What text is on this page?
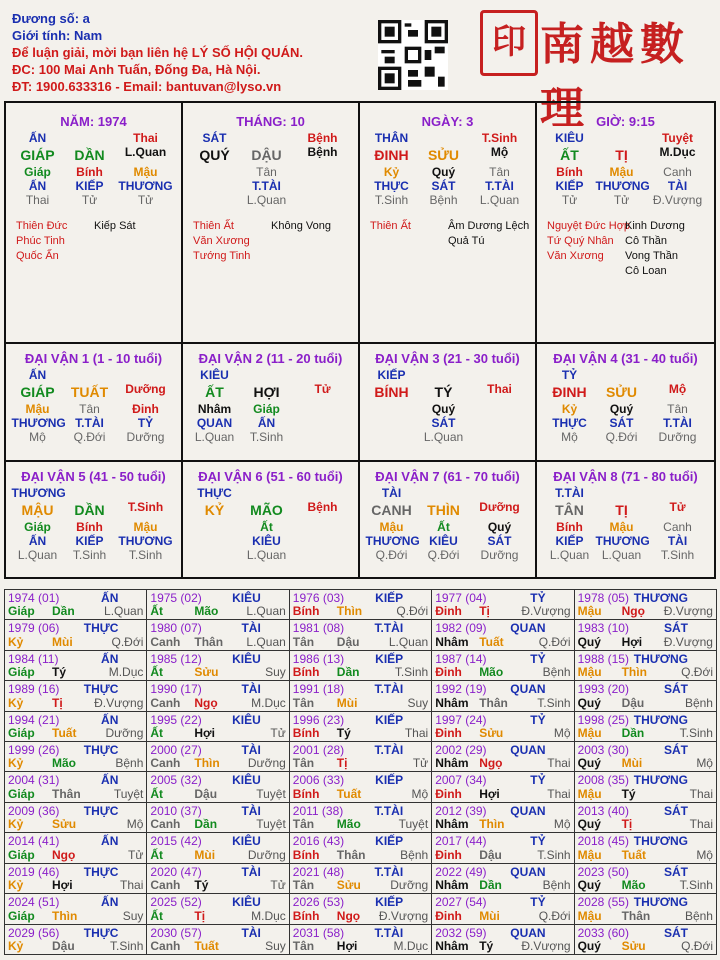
Đương số: a
Giới tính: Nam
Để luận giải, mời bạn liên hệ LÝ SỐ HỘI QUÁN.
ĐC: 100 Mai Anh Tuấn, Đống Đa, Hà Nội.
ĐT: 1900.633316 - Email: bantuvan@lyso.vn
印 南越數理
NĂM: 1974
ẤN	Thai
GIÁP	DẦN	L.Quan
Giáp	Bính	Mậu
ẤN	KIẾP	THƯƠNG
Thai	Tử	Tử
Thiên Đức
Phúc Tinh
Quốc Ấn
Kiếp Sát
THÁNG: 10
SÁT	Bệnh
QUÝ	DẬU	Bệnh
Tân
T.TÀI
L.Quan
Thiên Ất
Văn Xương
Tướng Tinh
Không Vong
NGÀY: 3
THÂN	T.Sinh
ĐINH	SỬU	Mộ
Kỷ	Quý	Tân
THỰC	SÁT	T.TÀI
T.Sinh	Bệnh	L.Quan
Thiên Ất	Âm Dương Lệch
Quả Tú
GIỜ: 9:15
KIÊU	Tuyệt
ẤT	TỊ	M.Dục
Bính	Mậu	Canh
KIẾP	THƯƠNG	TÀI
Tử	Tử	Đ.Vượng
Nguyệt Đức Hợp
Tứ Quý Nhân
Văn Xương
Kinh Dương
Cô Thần
Vong Thần
Cô Loan
ĐẠI VẬN 1 (1 - 10 tuổi)
ẤN
GIÁP	TUẤT	Dưỡng
Mậu	Tân	Đinh
THƯƠNG T.TÀI	TỶ
Mộ	Q.Đới	Dưỡng
ĐẠI VẬN 2 (11 - 20 tuổi)
KIÊU
ẤT	HỢI	Tử
Nhâm	Giáp
QUAN	ẤN
L.Quan	T.Sinh
ĐẠI VẬN 3 (21 - 30 tuổi)
KIẾP
BÍNH	TÝ	Thai
Quý
SÁT
L.Quan
ĐẠI VẬN 4 (31 - 40 tuổi)
TỶ
ĐINH	SỬU	Mộ
Kỷ	Quý	Tân
THỰC	SÁT	T.TÀI
Mộ	Q.Đới	Dưỡng
ĐẠI VẬN 5 (41 - 50 tuổi)
THƯƠNG
MẬU	DẦN	T.Sinh
Giáp	Bính	Mậu
ẤN	KIẾP	THƯƠNG
L.Quan	T.Sinh	T.Sinh
ĐẠI VẬN 6 (51 - 60 tuổi)
THỰC
KỶ	MÃO	Bệnh
Ất
KIÊU
L.Quan
ĐẠI VẬN 7 (61 - 70 tuổi)
TÀI
CANH	THÌN	Dưỡng
Mậu	Ất	Quý
THƯƠNG KIÊU	SÁT
Q.Đới	Q.Đới	Dưỡng
ĐẠI VẬN 8 (71 - 80 tuổi)
T.TÀI
TÂN	TỊ	Tử
Bính	Mậu	Canh
KIẾP	THƯƠNG	TÀI
L.Quan	L.Quan	T.Sinh
1974 (01)	ẤN
Giáp Dần L.Quan
1975 (02)	KIÊU
Ất	Mão L.Quan
1976 (03)	KIẾP
Bính Thìn	Q.Đới
1977 (04)	TỶ
Đinh Tị	Đ.Vượng
1978 (05) THƯƠNG
Mậu Ngọ Đ.Vượng
1979 (06) THỰC
Kỷ Mùi	Q.Đới
1980 (07)	TÀI
Canh Thân L.Quan
1981 (08)	T.TÀI
Tân Dậu L.Quan
1982 (09) QUAN
Nhâm Tuất	Q.Đới
1983 (10)	SÁT
Quý Hợi Đ.Vượng
1984 (11)	ẤN
Giáp Tý	M.Dục
1985 (12)	KIÊU
Ất	Sửu	Suy
1986 (13)	KIẾP
Bính Dần	T.Sinh
1987 (14)	TỶ
Đinh Mão	Bệnh
1988 (15) THƯƠNG
Mậu Thìn	Q.Đới
1989 (16) THỰC
Kỷ Tị	Đ.Vượng
1990 (17)	TÀI
Canh Ngọ	M.Dục
1991 (18)	T.TÀI
Tân Mùi	Suy
1992 (19) QUAN
Nhâm Thân T.Sinh
1993 (20)	SÁT
Quý Dậu	Bệnh
1994 (21)	ẤN
Giáp Tuất Dưỡng
1995 (22)	KIÊU
Ất	Hợi	Tử
1996 (23)	KIẾP
Bính Tý	Thai
1997 (24)	TỶ
Đinh Sửu	Mộ
1998 (25) THƯƠNG
Mậu Dần	T.Sinh
1999 (26) THỰC
Kỷ Mão	Bệnh
2000 (27)	TÀI
Canh Thìn Dưỡng
2001 (28)	T.TÀI
Tân Tị	Tử
2002 (29) QUAN
Nhâm Ngọ	Thai
2003 (30)	SÁT
Quý Mùi	Mộ
2004 (31)	ẤN
Giáp Thân	Tuyệt
2005 (32)	KIÊU
Ất	Dậu	Tuyệt
2006 (33)	KIẾP
Bính Tuất	Mộ
2007 (34)	TỶ
Đinh Hợi	Thai
2008 (35) THƯƠNG
Mậu Tý	Thai
2009 (36) THỰC
Kỷ Sửu	Mộ
2010 (37)	TÀI
Canh Dần	Tuyệt
2011 (38)	T.TÀI
Tân Mão	Tuyệt
2012 (39) QUAN
Nhâm Thìn	Mộ
2013 (40)	SÁT
Quý Tị	Thai
2014 (41)	ẤN
Giáp Ngọ	Tử
2015 (42)	KIÊU
Ất	Mùi	Dưỡng
2016 (43)	KIẾP
Bính Thân	Bệnh
2017 (44)	TỶ
Đinh Dậu	T.Sinh
2018 (45) THƯƠNG
Mậu Tuất	Mộ
2019 (46) THỰC
Kỷ Hợi	Thai
2020 (47)	TÀI
Canh Tý	Tử
2021 (48)	T.TÀI
Tân Sửu Dưỡng
2022 (49) QUAN
Nhâm Dần	Bệnh
2023 (50)	SÁT
Quý Mão	T.Sinh
2024 (51)	ẤN
Giáp Thìn	Suy
2025 (52)	KIÊU
Ất	Tị	M.Dục
2026 (53)	KIẾP
Bính Ngọ Đ.Vượng
2027 (54)	TỶ
Đinh Mùi	Q.Đới
2028 (55) THƯƠNG
Mậu Thân	Bệnh
2029 (56) THỰC
Kỷ Dậu	T.Sinh
2030 (57)	TÀI
Canh Tuất	Suy
2031 (58)	T.TÀI
Tân Hợi	M.Dục
2032 (59) QUAN
Nhâm Tý Đ.Vượng
2033 (60)	SÁT
Quý Sửu	Q.Đới
